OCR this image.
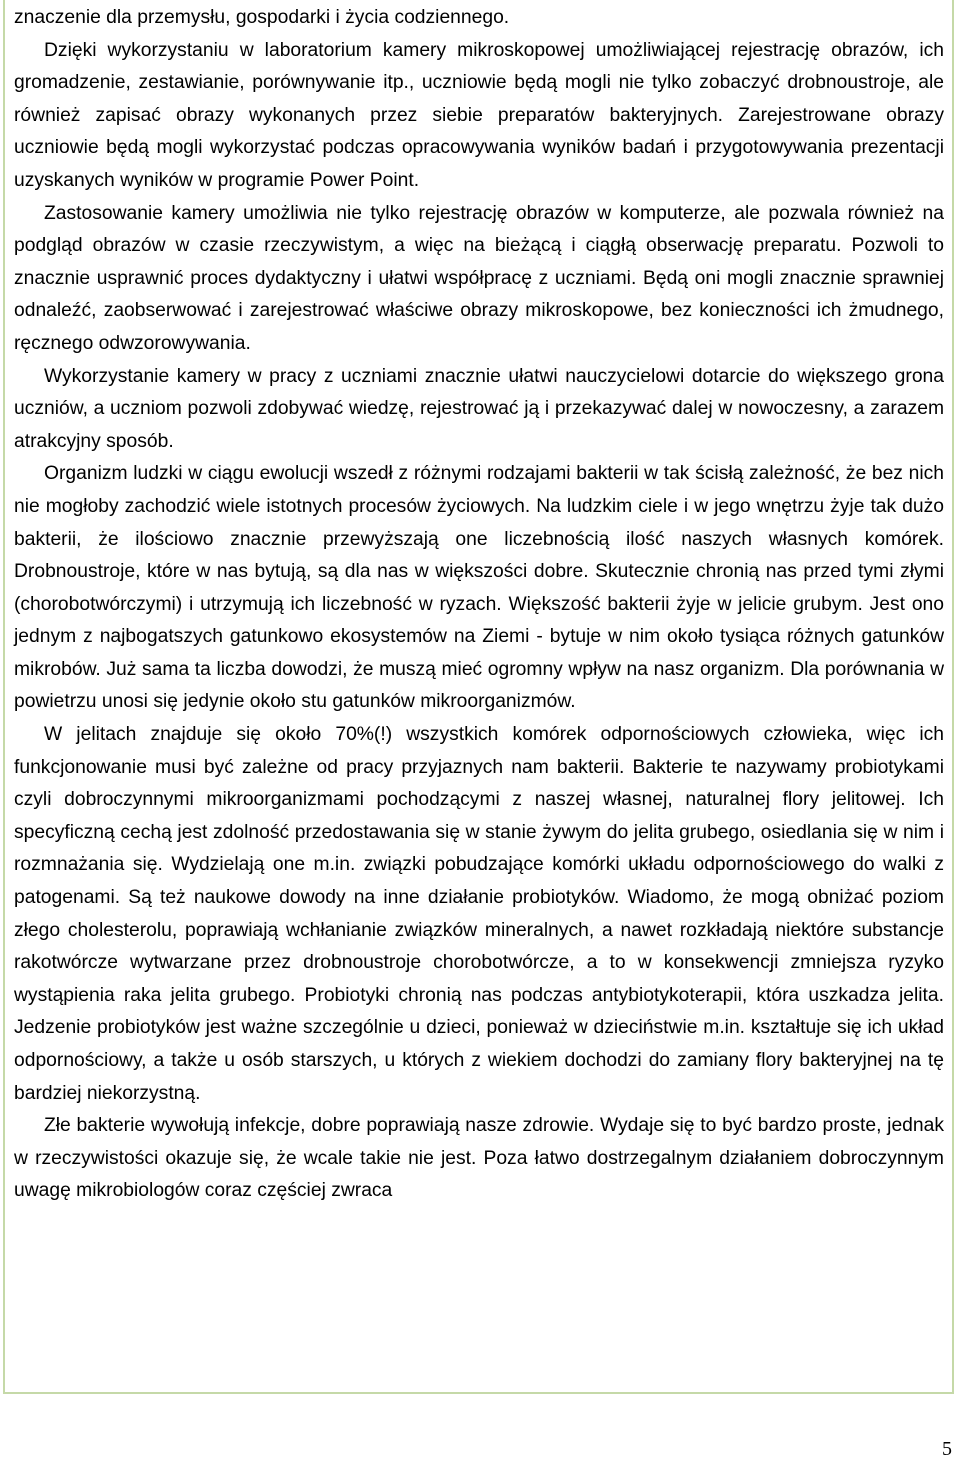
znaczenie dla przemysłu, gospodarki i życia codziennego.

Dzięki wykorzystaniu w laboratorium kamery mikroskopowej umożliwiającej rejestrację obrazów, ich gromadzenie, zestawianie, porównywanie itp., uczniowie będą mogli nie tylko zobaczyć drobnoustroje, ale również zapisać obrazy wykonanych przez siebie preparatów bakteryjnych. Zarejestrowane obrazy uczniowie będą mogli wykorzystać podczas opracowywania wyników badań i przygotowywania prezentacji uzyskanych wyników w programie Power Point.

Zastosowanie kamery umożliwia nie tylko rejestrację obrazów w komputerze, ale pozwala również na podgląd obrazów w czasie rzeczywistym, a więc na bieżącą i ciągłą obserwację preparatu. Pozwoli to znacznie usprawnić proces dydaktyczny i ułatwi współpracę z uczniami. Będą oni mogli znacznie sprawniej odnaleźć, zaobserwować i zarejestrować właściwe obrazy mikroskopowe, bez konieczności ich żmudnego, ręcznego odwzorowywania.

Wykorzystanie kamery w pracy z uczniami znacznie ułatwi nauczycielowi dotarcie do większego grona uczniów, a uczniom pozwoli zdobywać wiedzę, rejestrować ją i przekazywać dalej w nowoczesny, a zarazem atrakcyjny sposób.

Organizm ludzki w ciągu ewolucji wszedł z różnymi rodzajami bakterii w tak ścisłą zależność, że bez nich nie mogłoby zachodzić wiele istotnych procesów życiowych. Na ludzkim ciele i w jego wnętrzu żyje tak dużo bakterii, że ilościowo znacznie przewyższają one liczebnością ilość naszych własnych komórek. Drobnoustroje, które w nas bytują, są dla nas w większości dobre. Skutecznie chronią nas przed tymi złymi (chorobotwórczymi) i utrzymują ich liczebność w ryzach. Większość bakterii żyje w jelicie grubym. Jest ono jednym z najbogatszych gatunkowo ekosystemów na Ziemi - bytuje w nim około tysiąca różnych gatunków mikrobów. Już sama ta liczba dowodzi, że muszą mieć ogromny wpływ na nasz organizm. Dla porównania w powietrzu unosi się jedynie około stu gatunków mikroorganizmów.

W jelitach znajduje się około 70%(!) wszystkich komórek odpornościowych człowieka, więc ich funkcjonowanie musi być zależne od pracy przyjaznych nam bakterii. Bakterie te nazywamy probiotykami czyli dobroczynnymi mikroorganizmami pochodzącymi z naszej własnej, naturalnej flory jelitowej. Ich specyficzną cechą jest zdolność przedostawania się w stanie żywym do jelita grubego, osiedlania się w nim i rozmnażania się. Wydzielają one m.in. związki pobudzające komórki układu odpornościowego do walki z patogenami. Są też naukowe dowody na inne działanie probiotyków. Wiadomo, że mogą obniżać poziom złego cholesterolu, poprawiają wchłanianie związków mineralnych, a nawet rozkładają niektóre substancje rakotwórcze wytwarzane przez drobnoustroje chorobotwórcze, a to w konsekwencji zmniejsza ryzyko wystąpienia raka jelita grubego. Probiotyki chronią nas podczas antybiotykoterapii, która uszkadza jelita. Jedzenie probiotyków jest ważne szczególnie u dzieci, ponieważ w dzieciństwie m.in. kształtuje się ich układ odpornościowy, a także u osób starszych, u których z wiekiem dochodzi do zamiany flory bakteryjnej na tę bardziej niekorzystną.

Złe bakterie wywołują infekcje, dobre poprawiają nasze zdrowie. Wydaje się to być bardzo proste, jednak w rzeczywistości okazuje się, że wcale takie nie jest. Poza łatwo dostrzegalnym działaniem dobroczynnym uwagę mikrobiologów coraz częściej zwraca

5
